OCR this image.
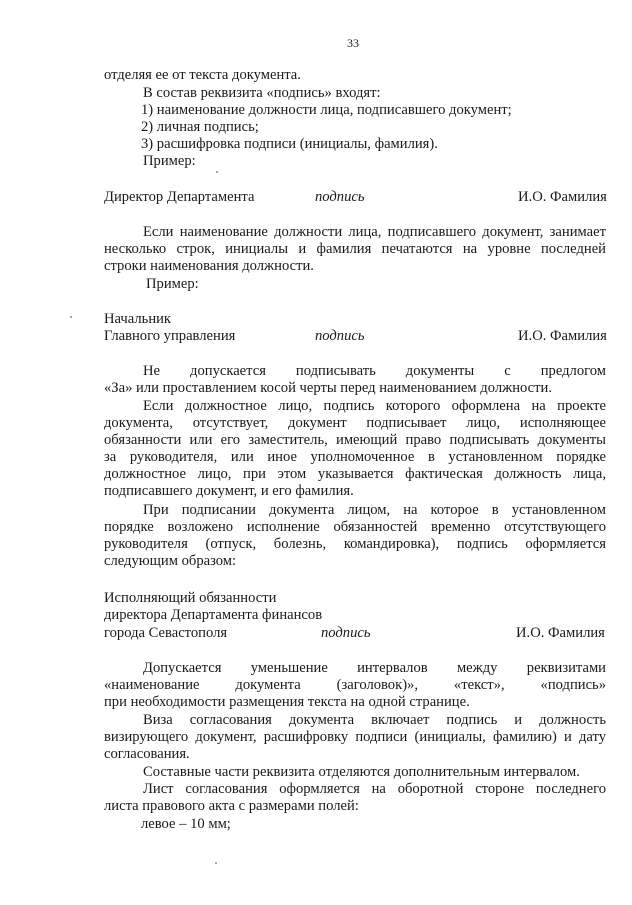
33
отделяя ее от текста документа.
В состав реквизита «подпись» входят:
1) наименование должности лица, подписавшего документ;
2) личная подпись;
3) расшифровка подписи (инициалы, фамилия).
Пример:
Директор Департамента	подпись	И.О. Фамилия
Если наименование должности лица, подписавшего документ, занимает
несколько строк, инициалы и фамилия печатаются на уровне последней
строки наименования должности.
Пример:
Начальник
Главного управления	подпись	И.О. Фамилия
Не допускается подписывать документы с предлогом
«За» или проставлением косой черты перед наименованием должности.
Если должностное лицо, подпись которого оформлена на проекте
документа, отсутствует, документ подписывает лицо, исполняющее
обязанности или его заместитель, имеющий право подписывать документы
за руководителя, или иное уполномоченное в установленном порядке
должностное лицо, при этом указывается фактическая должность лица,
подписавшего документ, и его фамилия.
При подписании документа лицом, на которое в установленном
порядке возложено исполнение обязанностей временно отсутствующего
руководителя (отпуск, болезнь, командировка), подпись оформляется
следующим образом:
Исполняющий обязанности
директора Департамента финансов
города Севастополя	подпись	И.О. Фамилия
Допускается уменьшение интервалов между реквизитами
«наименование документа (заголовок)», «текст», «подпись»
при необходимости размещения текста на одной странице.
Виза согласования документа включает подпись и должность
визирующего документ, расшифровку подписи (инициалы, фамилию) и дату
согласования.
Составные части реквизита отделяются дополнительным интервалом.
Лист согласования оформляется на оборотной стороне последнего
листа правового акта с размерами полей:
левое – 10 мм;
